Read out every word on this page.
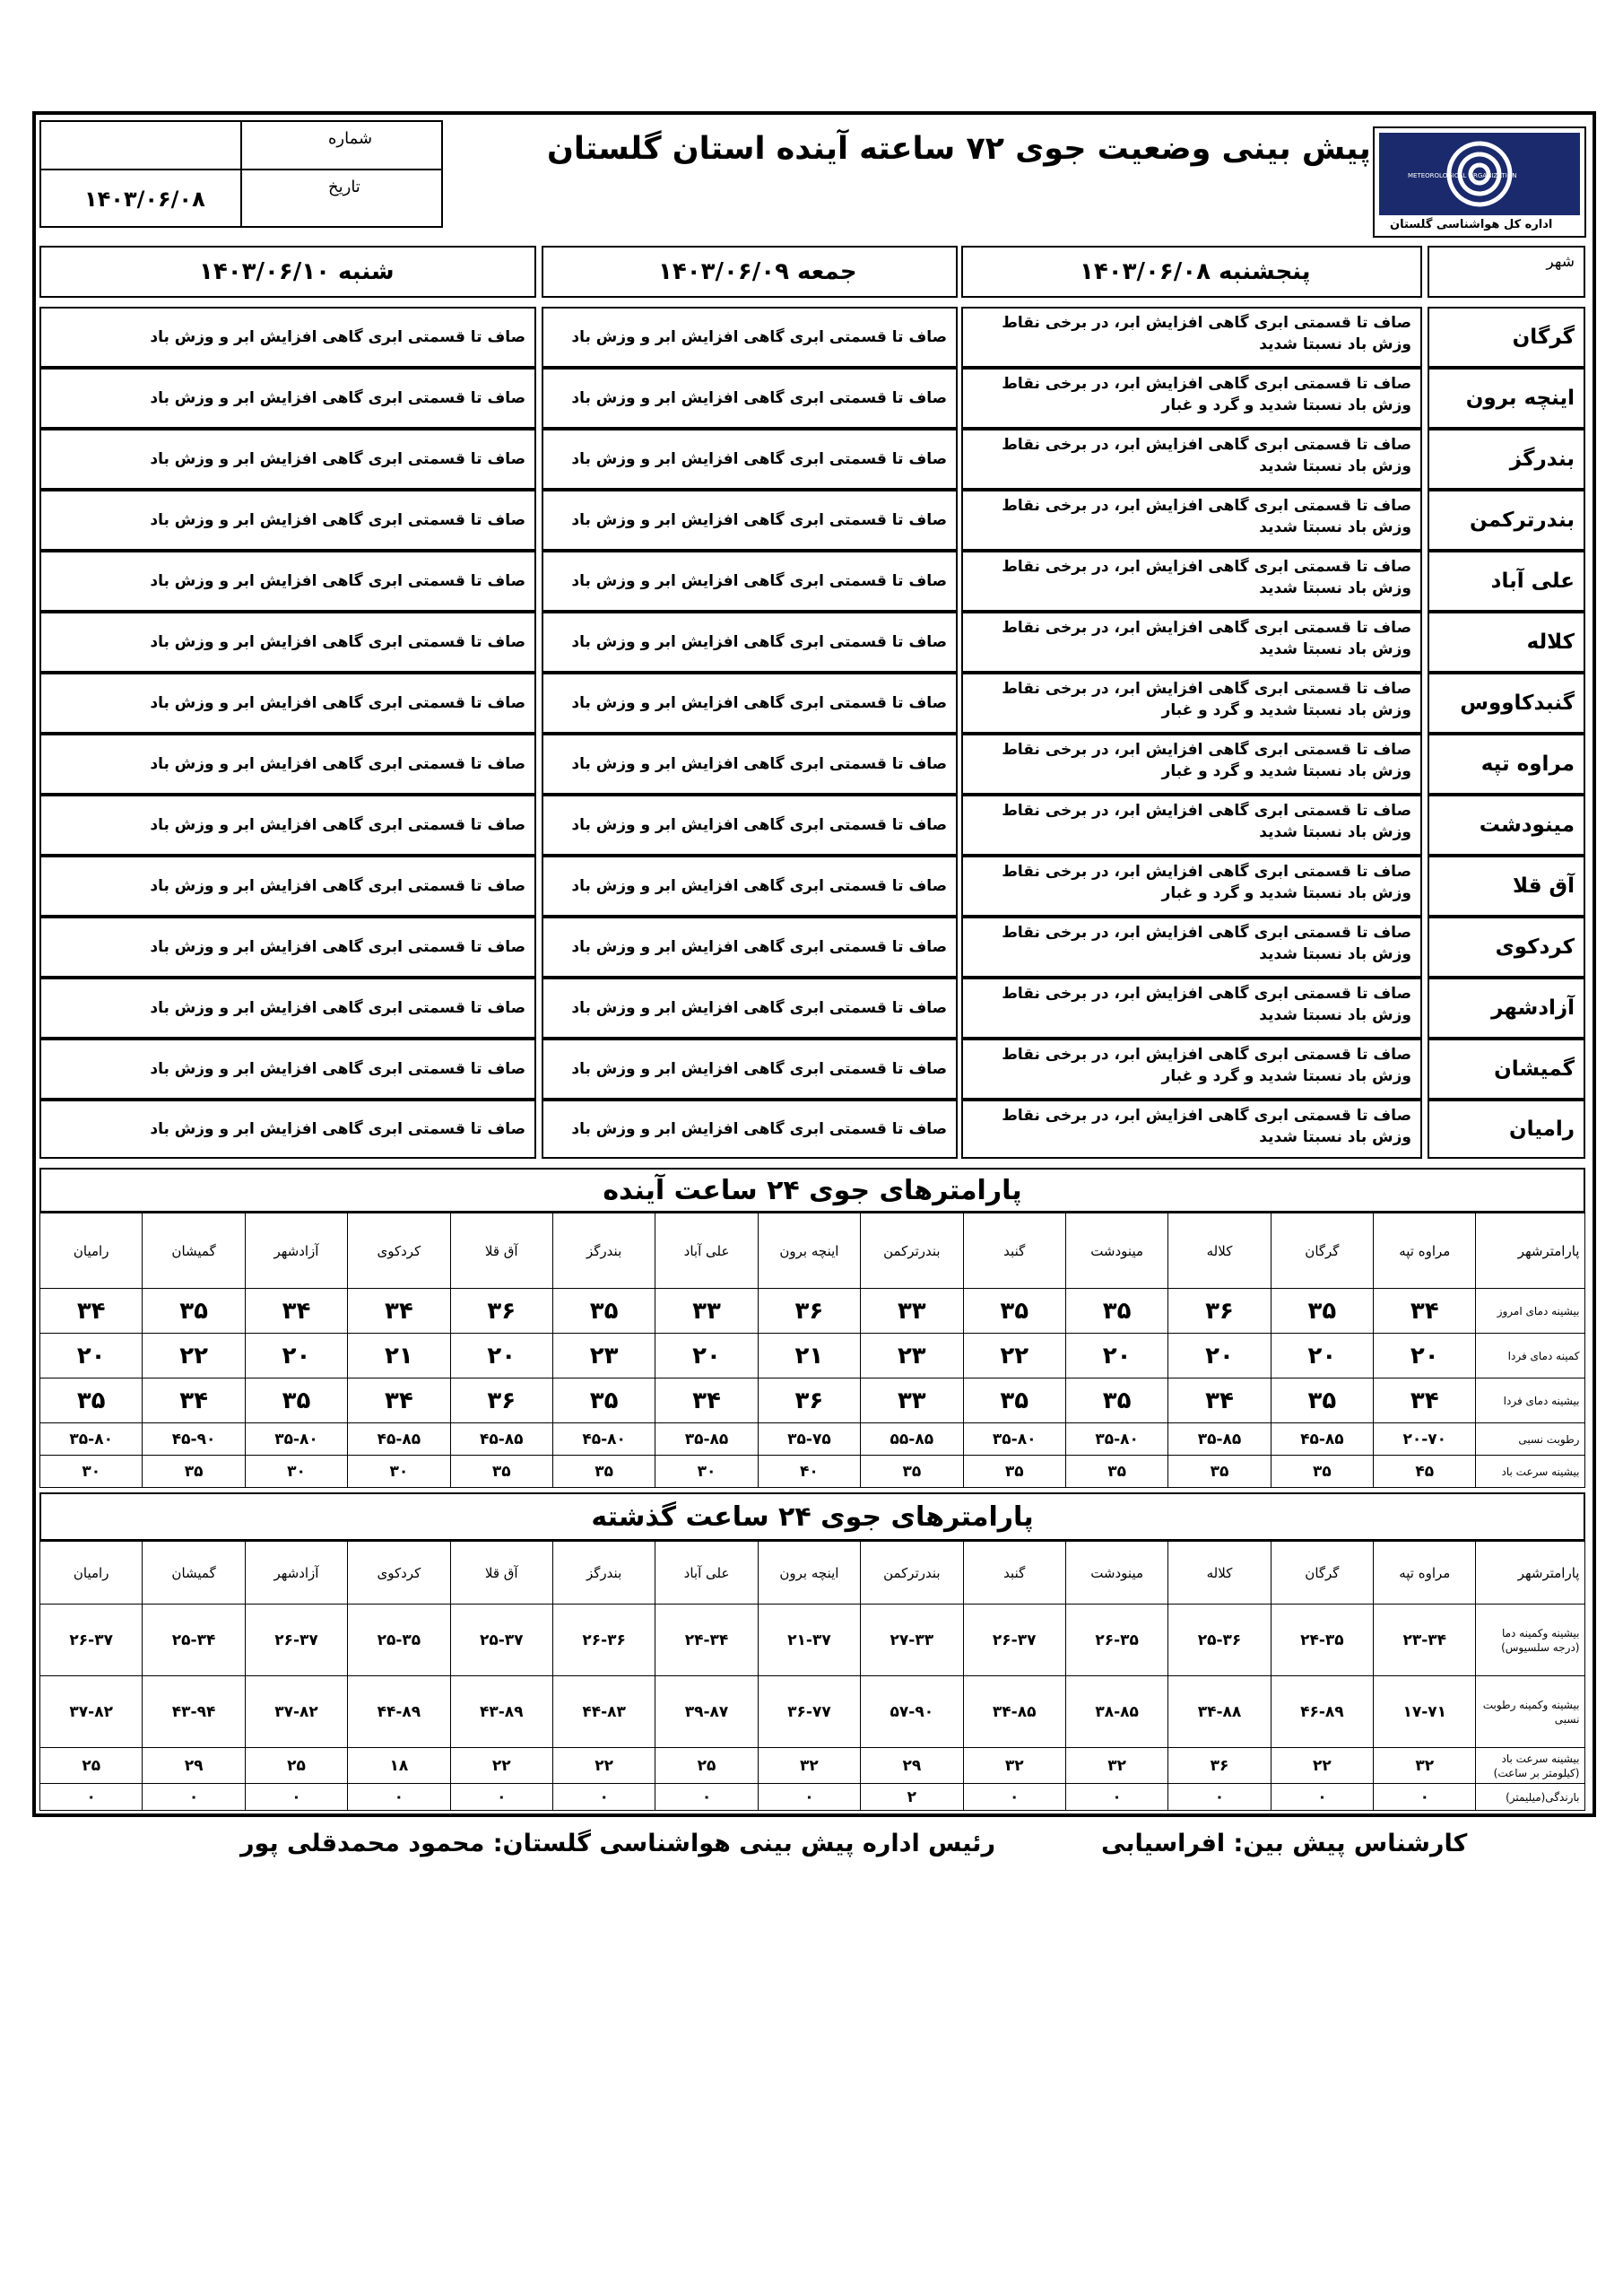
شماره
تاریخ
۱۴۰۳/۰۶/۰۸
پیش بینی وضعیت جوی ۷۲ ساعته آینده استان گلستان
METEOROLOGICAL ORGANIZATION
اداره کل هواشناسی گلستان
شهر
پنجشنبه ۱۴۰۳/۰۶/۰۸
جمعه ۱۴۰۳/۰۶/۰۹
شنبه ۱۴۰۳/۰۶/۱۰
گرگان
صاف تا قسمتی ابری گاهی افزایش ابر، در برخی نقاط وزش باد نسبتا شدید
صاف تا قسمتی ابری گاهی افزایش ابر و وزش باد
صاف تا قسمتی ابری گاهی افزایش ابر و وزش باد
اینچه برون
صاف تا قسمتی ابری گاهی افزایش ابر، در برخی نقاط وزش باد نسبتا شدید و گرد و غبار
صاف تا قسمتی ابری گاهی افزایش ابر و وزش باد
صاف تا قسمتی ابری گاهی افزایش ابر و وزش باد
بندرگز
صاف تا قسمتی ابری گاهی افزایش ابر، در برخی نقاط وزش باد نسبتا شدید
صاف تا قسمتی ابری گاهی افزایش ابر و وزش باد
صاف تا قسمتی ابری گاهی افزایش ابر و وزش باد
بندرترکمن
صاف تا قسمتی ابری گاهی افزایش ابر، در برخی نقاط وزش باد نسبتا شدید
صاف تا قسمتی ابری گاهی افزایش ابر و وزش باد
صاف تا قسمتی ابری گاهی افزایش ابر و وزش باد
علی آباد
صاف تا قسمتی ابری گاهی افزایش ابر، در برخی نقاط وزش باد نسبتا شدید
صاف تا قسمتی ابری گاهی افزایش ابر و وزش باد
صاف تا قسمتی ابری گاهی افزایش ابر و وزش باد
کلاله
صاف تا قسمتی ابری گاهی افزایش ابر، در برخی نقاط وزش باد نسبتا شدید
صاف تا قسمتی ابری گاهی افزایش ابر و وزش باد
صاف تا قسمتی ابری گاهی افزایش ابر و وزش باد
گنبدکاووس
صاف تا قسمتی ابری گاهی افزایش ابر، در برخی نقاط وزش باد نسبتا شدید و گرد و غبار
صاف تا قسمتی ابری گاهی افزایش ابر و وزش باد
صاف تا قسمتی ابری گاهی افزایش ابر و وزش باد
مراوه تپه
صاف تا قسمتی ابری گاهی افزایش ابر، در برخی نقاط وزش باد نسبتا شدید و گرد و غبار
صاف تا قسمتی ابری گاهی افزایش ابر و وزش باد
صاف تا قسمتی ابری گاهی افزایش ابر و وزش باد
مینودشت
صاف تا قسمتی ابری گاهی افزایش ابر، در برخی نقاط وزش باد نسبتا شدید
صاف تا قسمتی ابری گاهی افزایش ابر و وزش باد
صاف تا قسمتی ابری گاهی افزایش ابر و وزش باد
آق قلا
صاف تا قسمتی ابری گاهی افزایش ابر، در برخی نقاط وزش باد نسبتا شدید و گرد و غبار
صاف تا قسمتی ابری گاهی افزایش ابر و وزش باد
صاف تا قسمتی ابری گاهی افزایش ابر و وزش باد
کردکوی
صاف تا قسمتی ابری گاهی افزایش ابر، در برخی نقاط وزش باد نسبتا شدید
صاف تا قسمتی ابری گاهی افزایش ابر و وزش باد
صاف تا قسمتی ابری گاهی افزایش ابر و وزش باد
آزادشهر
صاف تا قسمتی ابری گاهی افزایش ابر، در برخی نقاط وزش باد نسبتا شدید
صاف تا قسمتی ابری گاهی افزایش ابر و وزش باد
صاف تا قسمتی ابری گاهی افزایش ابر و وزش باد
گمیشان
صاف تا قسمتی ابری گاهی افزایش ابر، در برخی نقاط وزش باد نسبتا شدید و گرد و غبار
صاف تا قسمتی ابری گاهی افزایش ابر و وزش باد
صاف تا قسمتی ابری گاهی افزایش ابر و وزش باد
رامیان
صاف تا قسمتی ابری گاهی افزایش ابر، در برخی نقاط وزش باد نسبتا شدید
صاف تا قسمتی ابری گاهی افزایش ابر و وزش باد
صاف تا قسمتی ابری گاهی افزایش ابر و وزش باد
پارامترهای جوی ۲۴ ساعت آینده
پارامترشهر	مراوه تپه	گرگان	کلاله	مینودشت	گنبد	بندرترکمن	اینچه برون	علی آباد	بندرگز	آق قلا	کردکوی	آزادشهر	گمیشان	رامیان
بیشینه دمای امروز	۳۴	۳۵	۳۶	۳۵	۳۵	۳۳	۳۶	۳۳	۳۵	۳۶	۳۴	۳۴	۳۵	۳۴
کمینه دمای فردا	۲۰	۲۰	۲۰	۲۰	۲۲	۲۳	۲۱	۲۰	۲۳	۲۰	۲۱	۲۰	۲۲	۲۰
بیشینه دمای فردا	۳۴	۳۵	۳۴	۳۵	۳۵	۳۳	۳۶	۳۴	۳۵	۳۶	۳۴	۳۵	۳۴	۳۵
رطوبت نسبی	۲۰-۷۰	۴۵-۸۵	۳۵-۸۵	۳۵-۸۰	۳۵-۸۰	۵۵-۸۵	۳۵-۷۵	۳۵-۸۵	۴۵-۸۰	۴۵-۸۵	۴۵-۸۵	۳۵-۸۰	۴۵-۹۰	۳۵-۸۰
بیشینه سرعت باد	۴۵	۳۵	۳۵	۳۵	۳۵	۳۵	۴۰	۳۰	۳۵	۳۵	۳۰	۳۰	۳۵	۳۰
پارامترهای جوی ۲۴ ساعت گذشته
پارامترشهر	مراوه تپه	گرگان	کلاله	مینودشت	گنبد	بندرترکمن	اینچه برون	علی آباد	بندرگز	آق قلا	کردکوی	آزادشهر	گمیشان	رامیان
بیشینه وکمینه دما (درجه سلسیوس)	۲۳-۳۴	۲۴-۳۵	۲۵-۳۶	۲۶-۳۵	۲۶-۳۷	۲۷-۳۳	۲۱-۳۷	۲۴-۳۴	۲۶-۳۶	۲۵-۳۷	۲۵-۳۵	۲۶-۳۷	۲۵-۳۴	۲۶-۳۷
بیشینه وکمینه رطوبت نسبی	۱۷-۷۱	۴۶-۸۹	۳۴-۸۸	۳۸-۸۵	۳۴-۸۵	۵۷-۹۰	۳۶-۷۷	۳۹-۸۷	۴۴-۸۳	۴۳-۸۹	۴۴-۸۹	۳۷-۸۲	۴۳-۹۴	۳۷-۸۲
بیشینه سرعت باد (کیلومتر بر ساعت)	۳۲	۲۲	۳۶	۳۲	۳۲	۲۹	۳۲	۲۵	۲۲	۲۲	۱۸	۲۵	۲۹	۲۵
بارندگی(میلیمتر)	۰	۰	۰	۰	۰	۲	۰	۰	۰	۰	۰	۰	۰	۰
کارشناس پیش بین: افراسیابی
رئیس اداره پیش بینی هواشناسی گلستان: محمود محمدقلی پور
